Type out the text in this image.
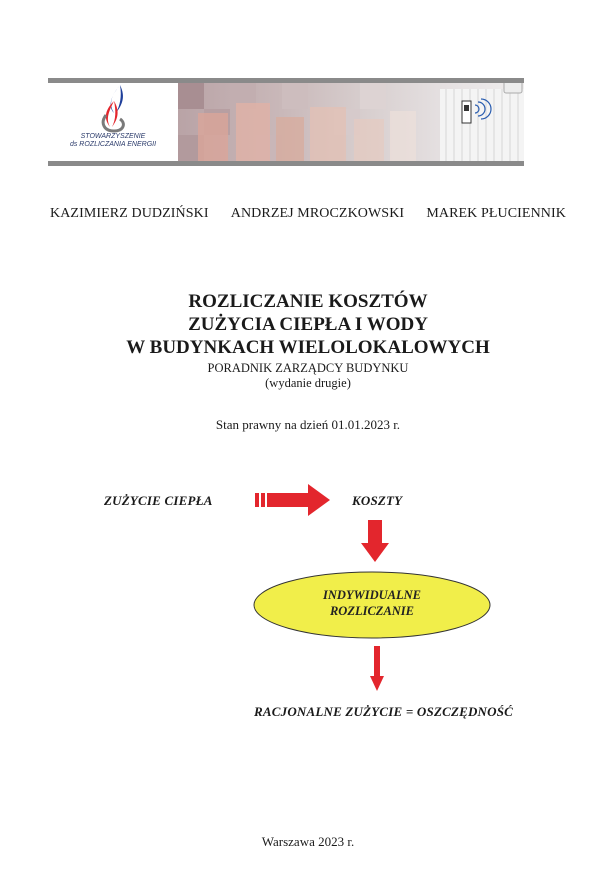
STOWARZYSZENIE
ds ROZLICZANIA ENERGII
KAZIMIERZ DUDZIŃSKI ANDRZEJ MROCZKOWSKI MAREK PŁUCIENNIK

ROZLICZANIE KOSZTÓW

ZUŻYCIA CIEPŁA I WODY

W BUDYNKACH WIELOLOKALOWYCH

PORADNIK ZARZĄDCY BUDYNKU

(wydanie drugie)

Stan prawny na dzień 01.01.2023 r.
ZUŻYCIE CIEPŁA	KOSZTY
INDYWIDUALNE
ROZLICZANIE
RACJONALNE ZUŻYCIE = OSZCZĘDNOŚĆ
Warszawa 2023 r.
